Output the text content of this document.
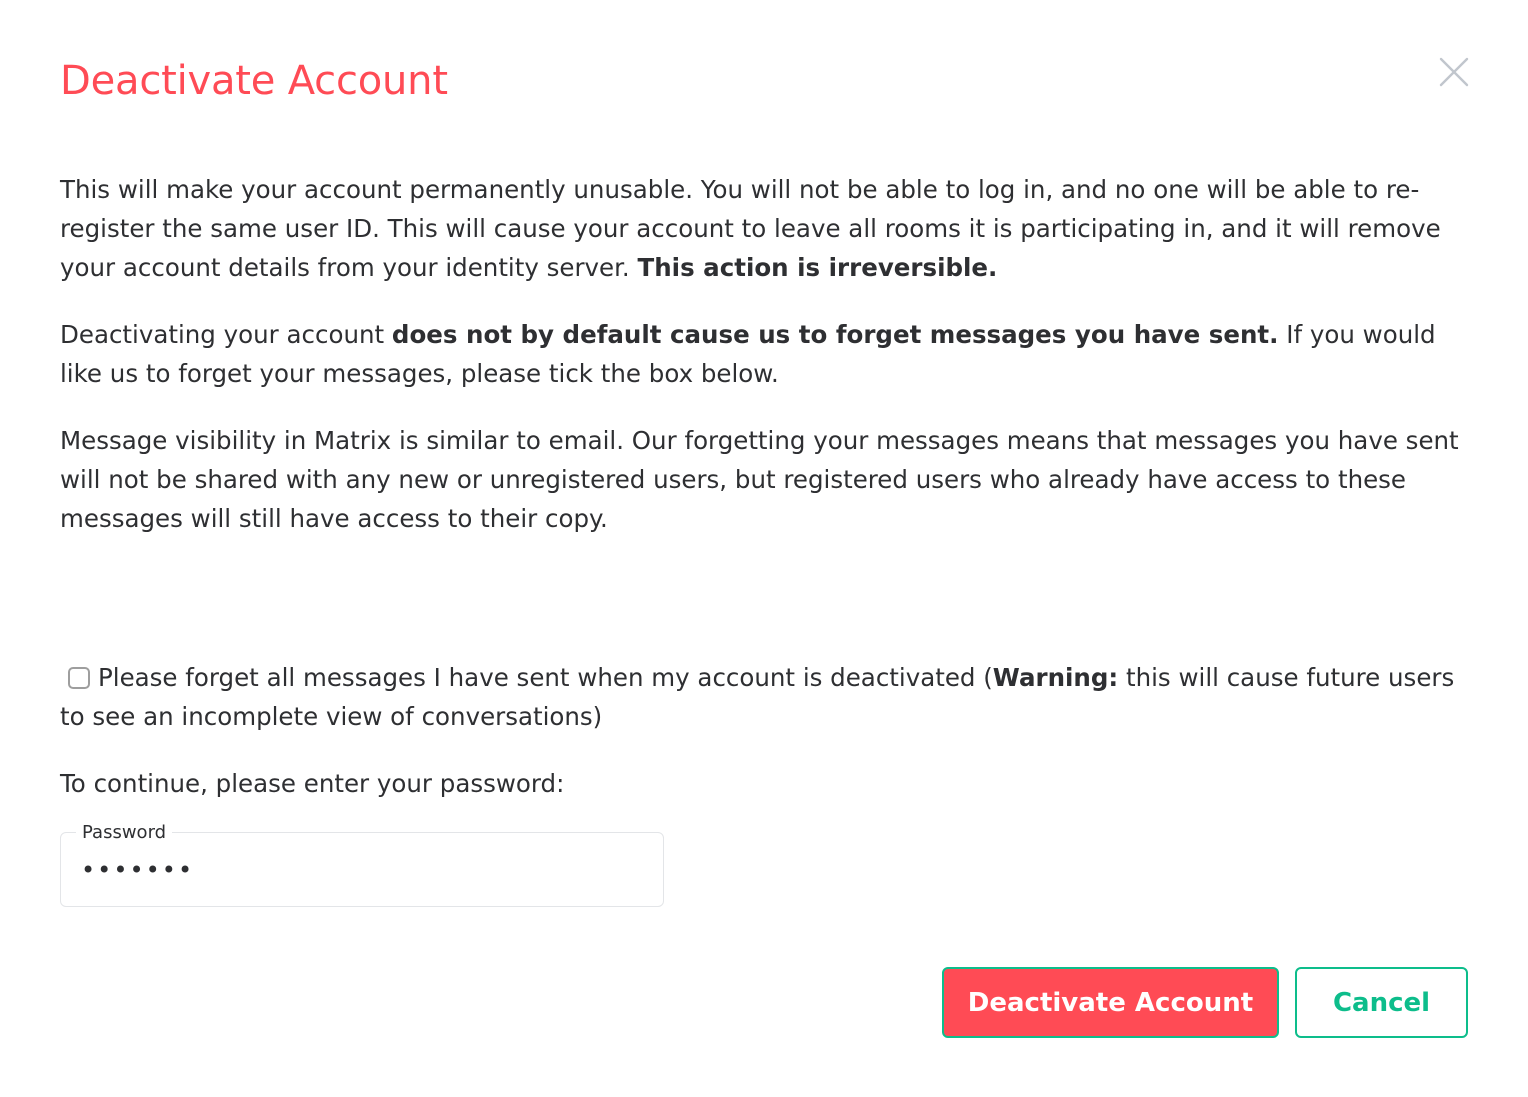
Deactivate Account

This will make your account permanently unusable. You will not be able to log in, and no one will be able to re-register the same user ID. This will cause your account to leave all rooms it is participating in, and it will remove your account details from your identity server. This action is irreversible.

Deactivating your account does not by default cause us to forget messages you have sent. If you would like us to forget your messages, please tick the box below.

Message visibility in Matrix is similar to email. Our forgetting your messages means that messages you have sent will not be shared with any new or unregistered users, but registered users who already have access to these messages will still have access to their copy.

Please forget all messages I have sent when my account is deactivated (Warning: this will cause future users to see an incomplete view of conversations)

To continue, please enter your password:

Password
•••••••
Deactivate Account	Cancel
